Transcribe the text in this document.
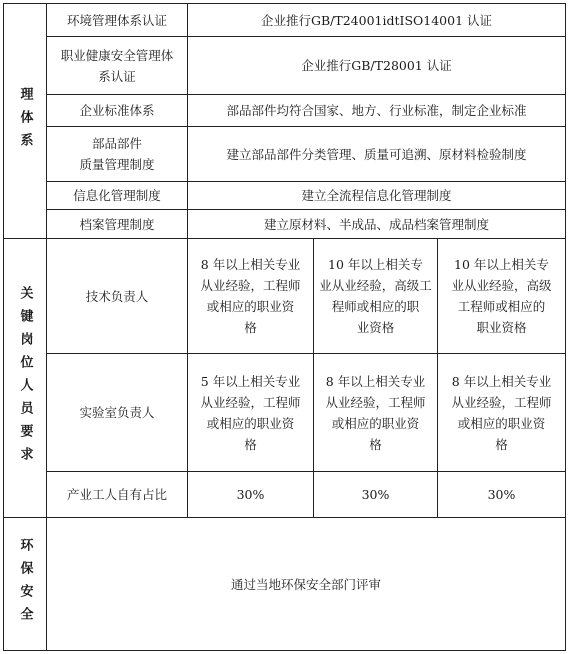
理体系	环境管理体系认证	企业推行GB/T24001idtISO14001 认证		

	职业健康安全管理体
系认证	企业推行GB/T28001 认证		
	企业标准体系	部品部件均符合国家、地方、行业标准，制定企业标准		

	部品部件
质量管理制度	建立部品部件分类管理、质量可追溯、原材料检验制度		
	信息化管理制度	建立全流程信息化管理制度		
	档案管理制度	建立原材料、半成品、成品档案管理制度		
关键岗位人员要求	技术负责人	8 年以上相关专业
从业经验，工程师
或相应的职业资
格	10 年以上相关专
业从业经验，高级工
程师或相应的职
业资格	10 年以上相关专
业从业经验，高级
工程师或相应的
职业资格

	实验室负责人	5 年以上相关专业
从业经验，工程师
或相应的职业资
格	8 年以上相关专业
从业经验，工程师
或相应的职业资
格	8 年以上相关专业
从业经验，工程师
或相应的职业资
格

	产业工人自有占比	30%	30%	30%
环保安全	通过当地环保安全部门评审			
